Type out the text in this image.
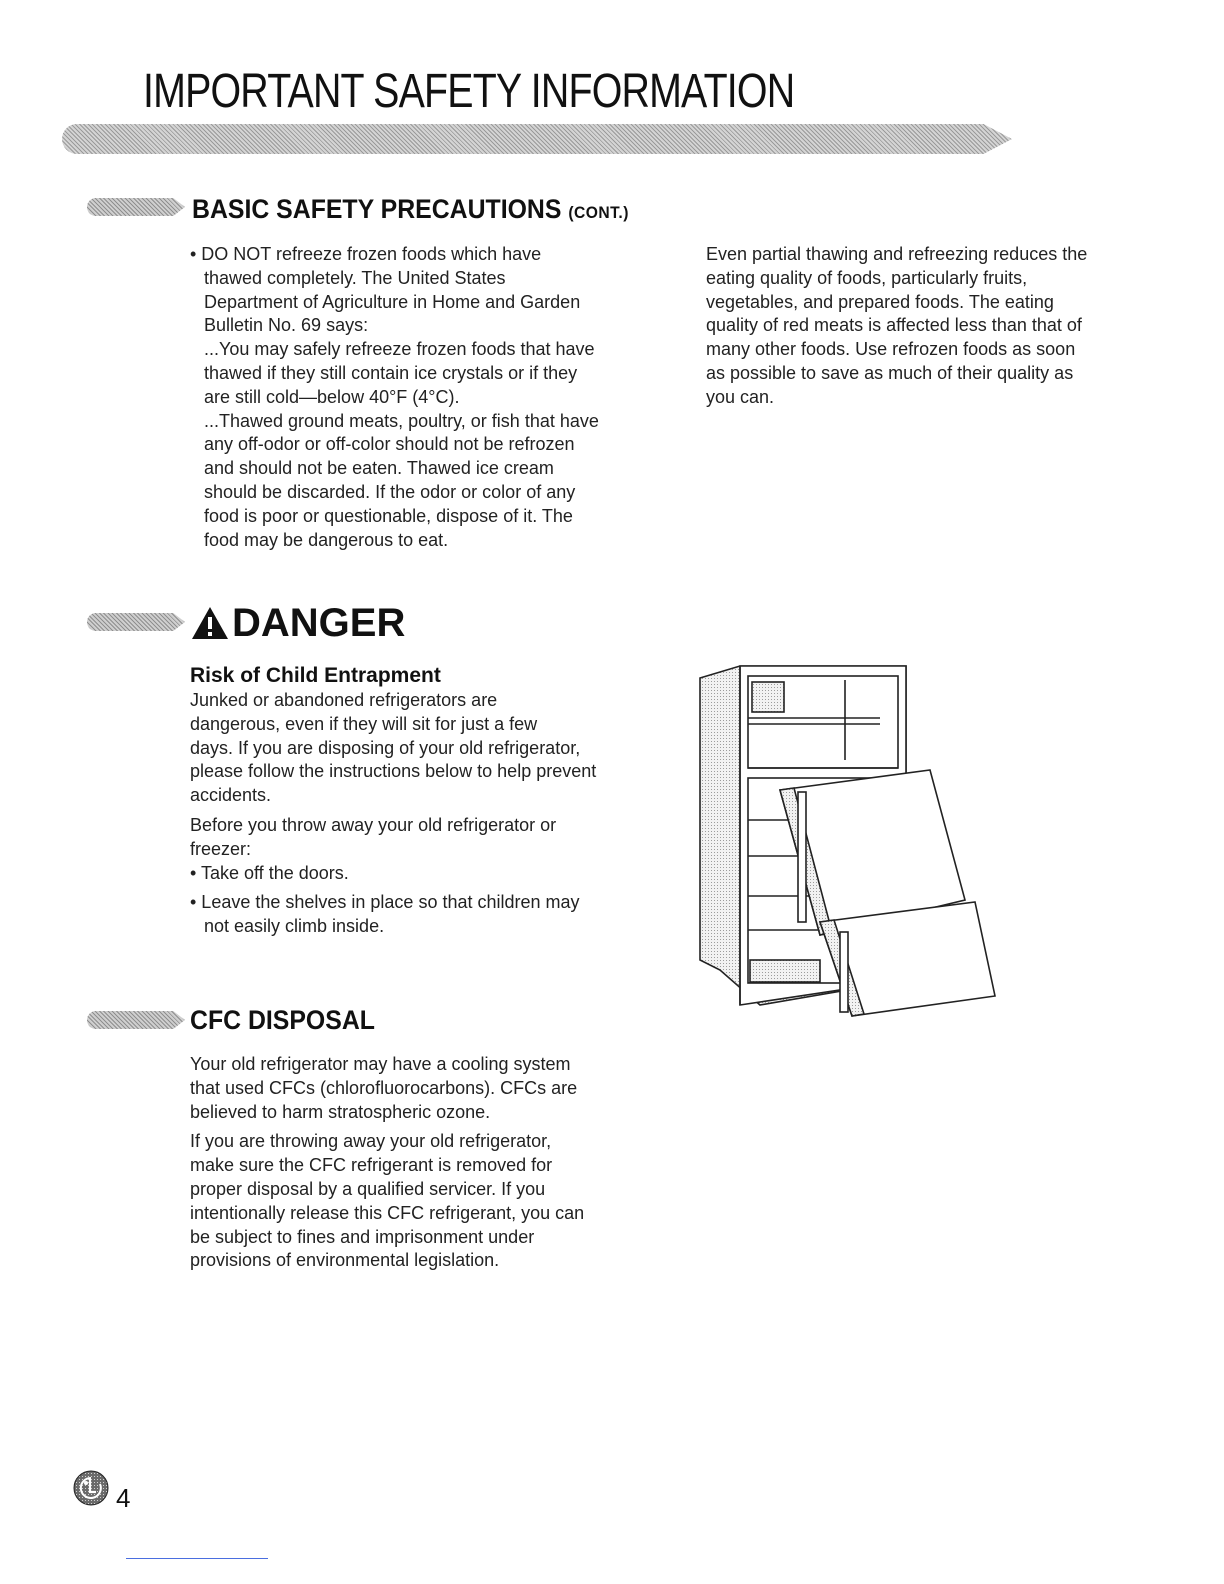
IMPORTANT SAFETY INFORMATION
BASIC SAFETY PRECAUTIONS (CONT.)

• DO NOT refreeze frozen foods which have

thawed completely. The United States

Department of Agriculture in Home and Garden

Bulletin No. 69 says:

...You may safely refreeze frozen foods that have

thawed if they still contain ice crystals or if they

are still cold—below 40°F (4°C).

...Thawed ground meats, poultry, or fish that have

any off-odor or off-color should not be refrozen

and should not be eaten. Thawed ice cream

should be discarded. If the odor or color of any

food is poor or questionable, dispose of it. The

food may be dangerous to eat.

Even partial thawing and refreezing reduces the

eating quality of foods, particularly fruits,

vegetables, and prepared foods. The eating

quality of red meats is affected less than that of

many other foods. Use refrozen foods as soon

as possible to save as much of their quality as

you can.

DANGER

Risk of Child Entrapment

Junked or abandoned refrigerators are

dangerous, even if they will sit for just a few

days. If you are disposing of your old refrigerator,

please follow the instructions below to help prevent

accidents.

Before you throw away your old refrigerator or

freezer:

• Take off the doors.

• Leave the shelves in place so that children may

not easily climb inside.

CFC DISPOSAL

Your old refrigerator may have a cooling system

that used CFCs (chlorofluorocarbons). CFCs are

believed to harm stratospheric ozone.

If you are throwing away your old refrigerator,

make sure the CFC refrigerant is removed for

proper disposal by a qualified servicer. If you

intentionally release this CFC refrigerant, you can

be subject to fines and imprisonment under

provisions of environmental legislation.

4
